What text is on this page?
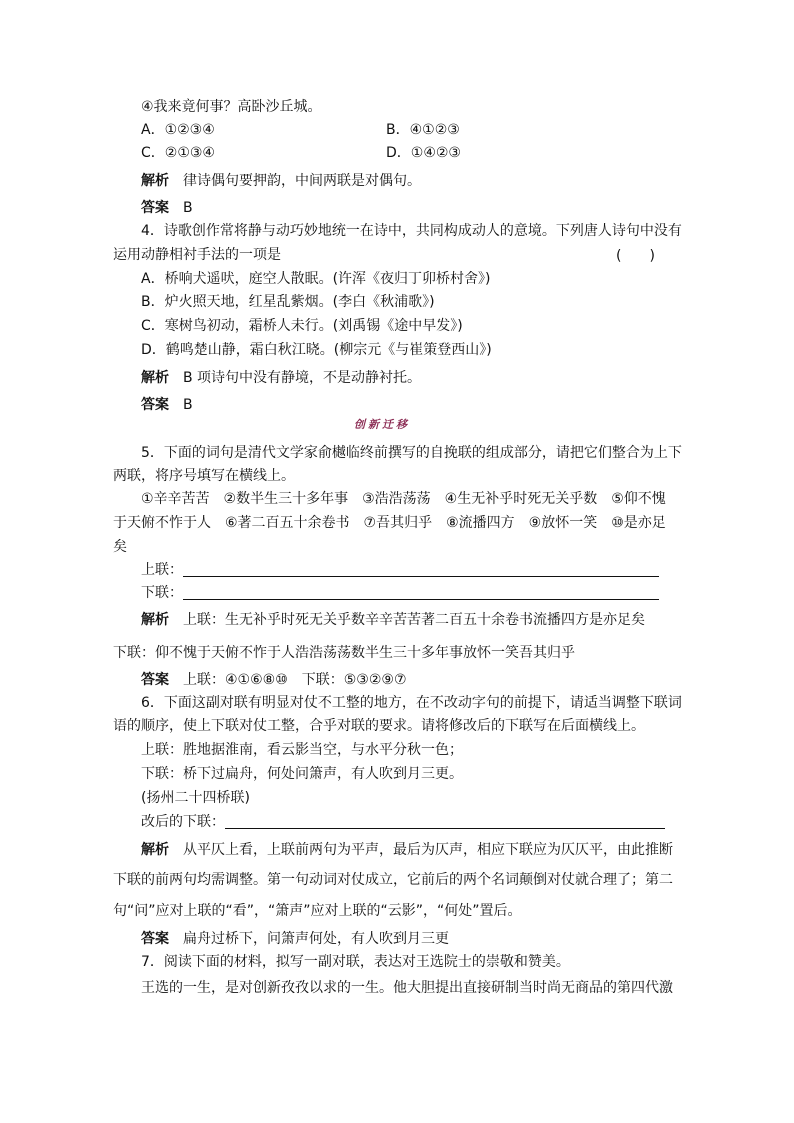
④我来竟何事？高卧沙丘城。
A．①②③④	B．④①②③
C．②①③④	D．①④②③
解析 律诗偶句要押韵，中间两联是对偶句。
答案 B
4．诗歌创作常将静与动巧妙地统一在诗中，共同构成动人的意境。下列唐人诗句中没有
运用动静相衬手法的一项是	(　　)
A．桥响犬遥吠，庭空人散眠。(许浑《夜归丁卯桥村舍》)
B．炉火照天地，红星乱紫烟。(李白《秋浦歌》)
C．寒树鸟初动，霜桥人未行。(刘禹锡《途中早发》)
D．鹤鸣楚山静，霜白秋江晓。(柳宗元《与崔策登西山》)
解析 B 项诗句中没有静境，不是动静衬托。
答案 B
创新迁移
5．下面的词句是清代文学家俞樾临终前撰写的自挽联的组成部分，请把它们整合为上下
两联，将序号填写在横线上。
①辛辛苦苦　②数半生三十多年事　③浩浩荡荡　④生无补乎时死无关乎数　⑤仰不愧
于天俯不怍于人　⑥著二百五十余卷书　⑦吾其归乎　⑧流播四方　⑨放怀一笑　⑩是亦足
矣
上联：
下联：
解析 上联：生无补乎时死无关乎数辛辛苦苦著二百五十余卷书流播四方是亦足矣
下联：仰不愧于天俯不怍于人浩浩荡荡数半生三十多年事放怀一笑吾其归乎
答案 上联：④①⑥⑧⑩　下联：⑤③②⑨⑦
6．下面这副对联有明显对仗不工整的地方，在不改动字句的前提下，请适当调整下联词
语的顺序，使上下联对仗工整，合乎对联的要求。请将修改后的下联写在后面横线上。
上联：胜地据淮南，看云影当空，与水平分秋一色；
下联：桥下过扁舟，何处问箫声，有人吹到月三更。
(扬州二十四桥联)
改后的下联：
解析 从平仄上看，上联前两句为平声，最后为仄声，相应下联应为仄仄平，由此推断
下联的前两句均需调整。第一句动词对仗成立，它前后的两个名词颠倒对仗就合理了；第二
句“问”应对上联的“看”，“箫声”应对上联的“云影”，“何处”置后。
答案 扁舟过桥下，问箫声何处，有人吹到月三更
7．阅读下面的材料，拟写一副对联，表达对王选院士的崇敬和赞美。
王选的一生，是对创新孜孜以求的一生。他大胆提出直接研制当时尚无商品的第四代激
